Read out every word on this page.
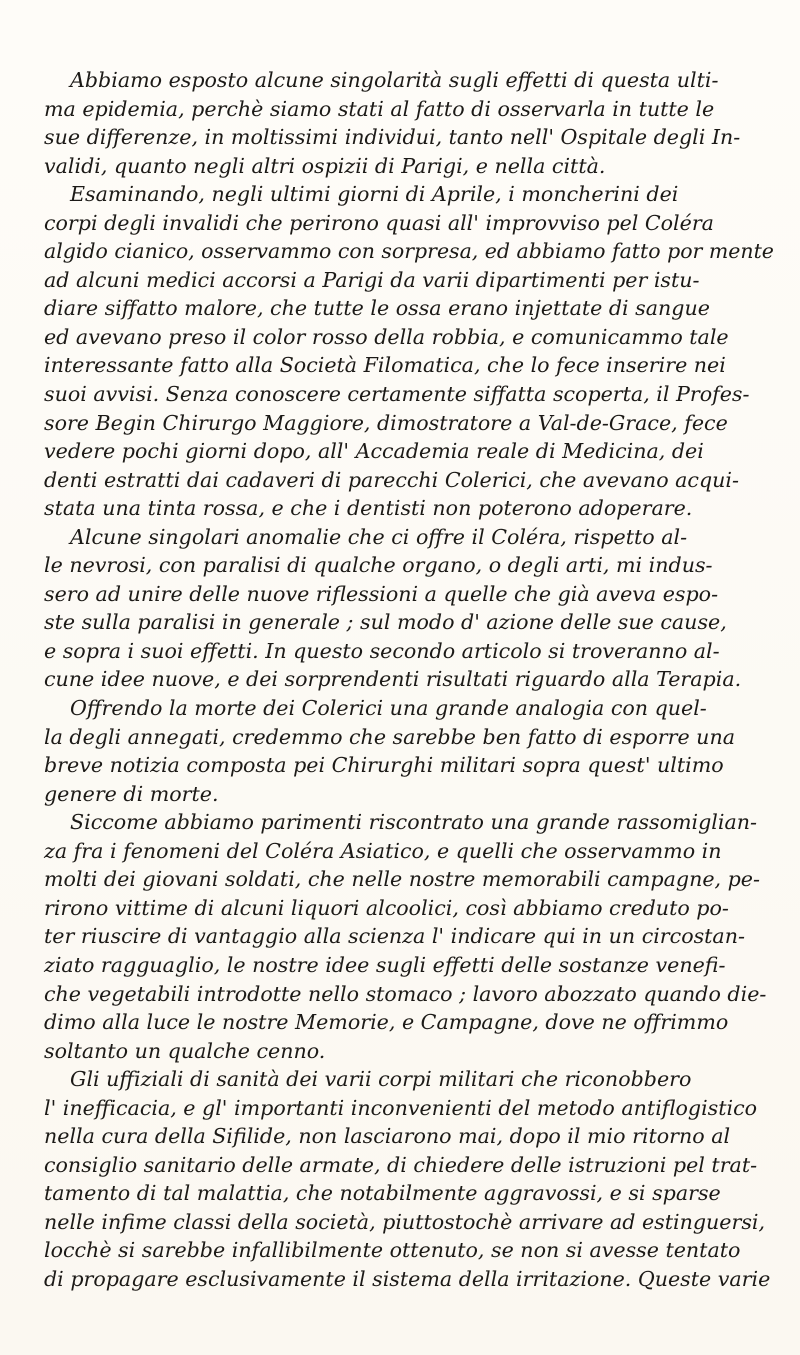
Abbiamo esposto alcune singolarità sugli effetti di questa ulti-
ma epidemia, perchè siamo stati al fatto di osservarla in tutte le
sue differenze, in moltissimi individui, tanto nell' Ospitale degli In-
validi, quanto negli altri ospizii di Parigi, e nella città.
Esaminando, negli ultimi giorni di Aprile, i moncherini dei
corpi degli invalidi che perirono quasi all' improvviso pel Coléra
algido cianico, osservammo con sorpresa, ed abbiamo fatto por mente
ad alcuni medici accorsi a Parigi da varii dipartimenti per istu-
diare siffatto malore, che tutte le ossa erano injettate di sangue
ed avevano preso il color rosso della robbia, e comunicammo tale
interessante fatto alla Società Filomatica, che lo fece inserire nei
suoi avvisi. Senza conoscere certamente siffatta scoperta, il Profes-
sore Begin Chirurgo Maggiore, dimostratore a Val-de-Grace, fece
vedere pochi giorni dopo, all' Accademia reale di Medicina, dei
denti estratti dai cadaveri di parecchi Colerici, che avevano acqui-
stata una tinta rossa, e che i dentisti non poterono adoperare.
Alcune singolari anomalie che ci offre il Coléra, rispetto al-
le nevrosi, con paralisi di qualche organo, o degli arti, mi indus-
sero ad unire delle nuove riflessioni a quelle che già aveva espo-
ste sulla paralisi in generale ; sul modo d' azione delle sue cause,
e sopra i suoi effetti. In questo secondo articolo si troveranno al-
cune idee nuove, e dei sorprendenti risultati riguardo alla Terapia.
Offrendo la morte dei Colerici una grande analogia con quel-
la degli annegati, credemmo che sarebbe ben fatto di esporre una
breve notizia composta pei Chirurghi militari sopra quest' ultimo
genere di morte.
Siccome abbiamo parimenti riscontrato una grande rassomiglian-
za fra i fenomeni del Coléra Asiatico, e quelli che osservammo in
molti dei giovani soldati, che nelle nostre memorabili campagne, pe-
rirono vittime di alcuni liquori alcoolici, così abbiamo creduto po-
ter riuscire di vantaggio alla scienza l' indicare qui in un circostan-
ziato ragguaglio, le nostre idee sugli effetti delle sostanze venefi-
che vegetabili introdotte nello stomaco ; lavoro abozzato quando die-
dimo alla luce le nostre Memorie, e Campagne, dove ne offrimmo
soltanto un qualche cenno.
Gli uffiziali di sanità dei varii corpi militari che riconobbero
l' inefficacia, e gl' importanti inconvenienti del metodo antiflogistico
nella cura della Sifilide, non lasciarono mai, dopo il mio ritorno al
consiglio sanitario delle armate, di chiedere delle istruzioni pel trat-
tamento di tal malattia, che notabilmente aggravossi, e si sparse
nelle infime classi della società, piuttostochè arrivare ad estinguersi,
locchè si sarebbe infallibilmente ottenuto, se non si avesse tentato
di propagare esclusivamente il sistema della irritazione. Queste varie
